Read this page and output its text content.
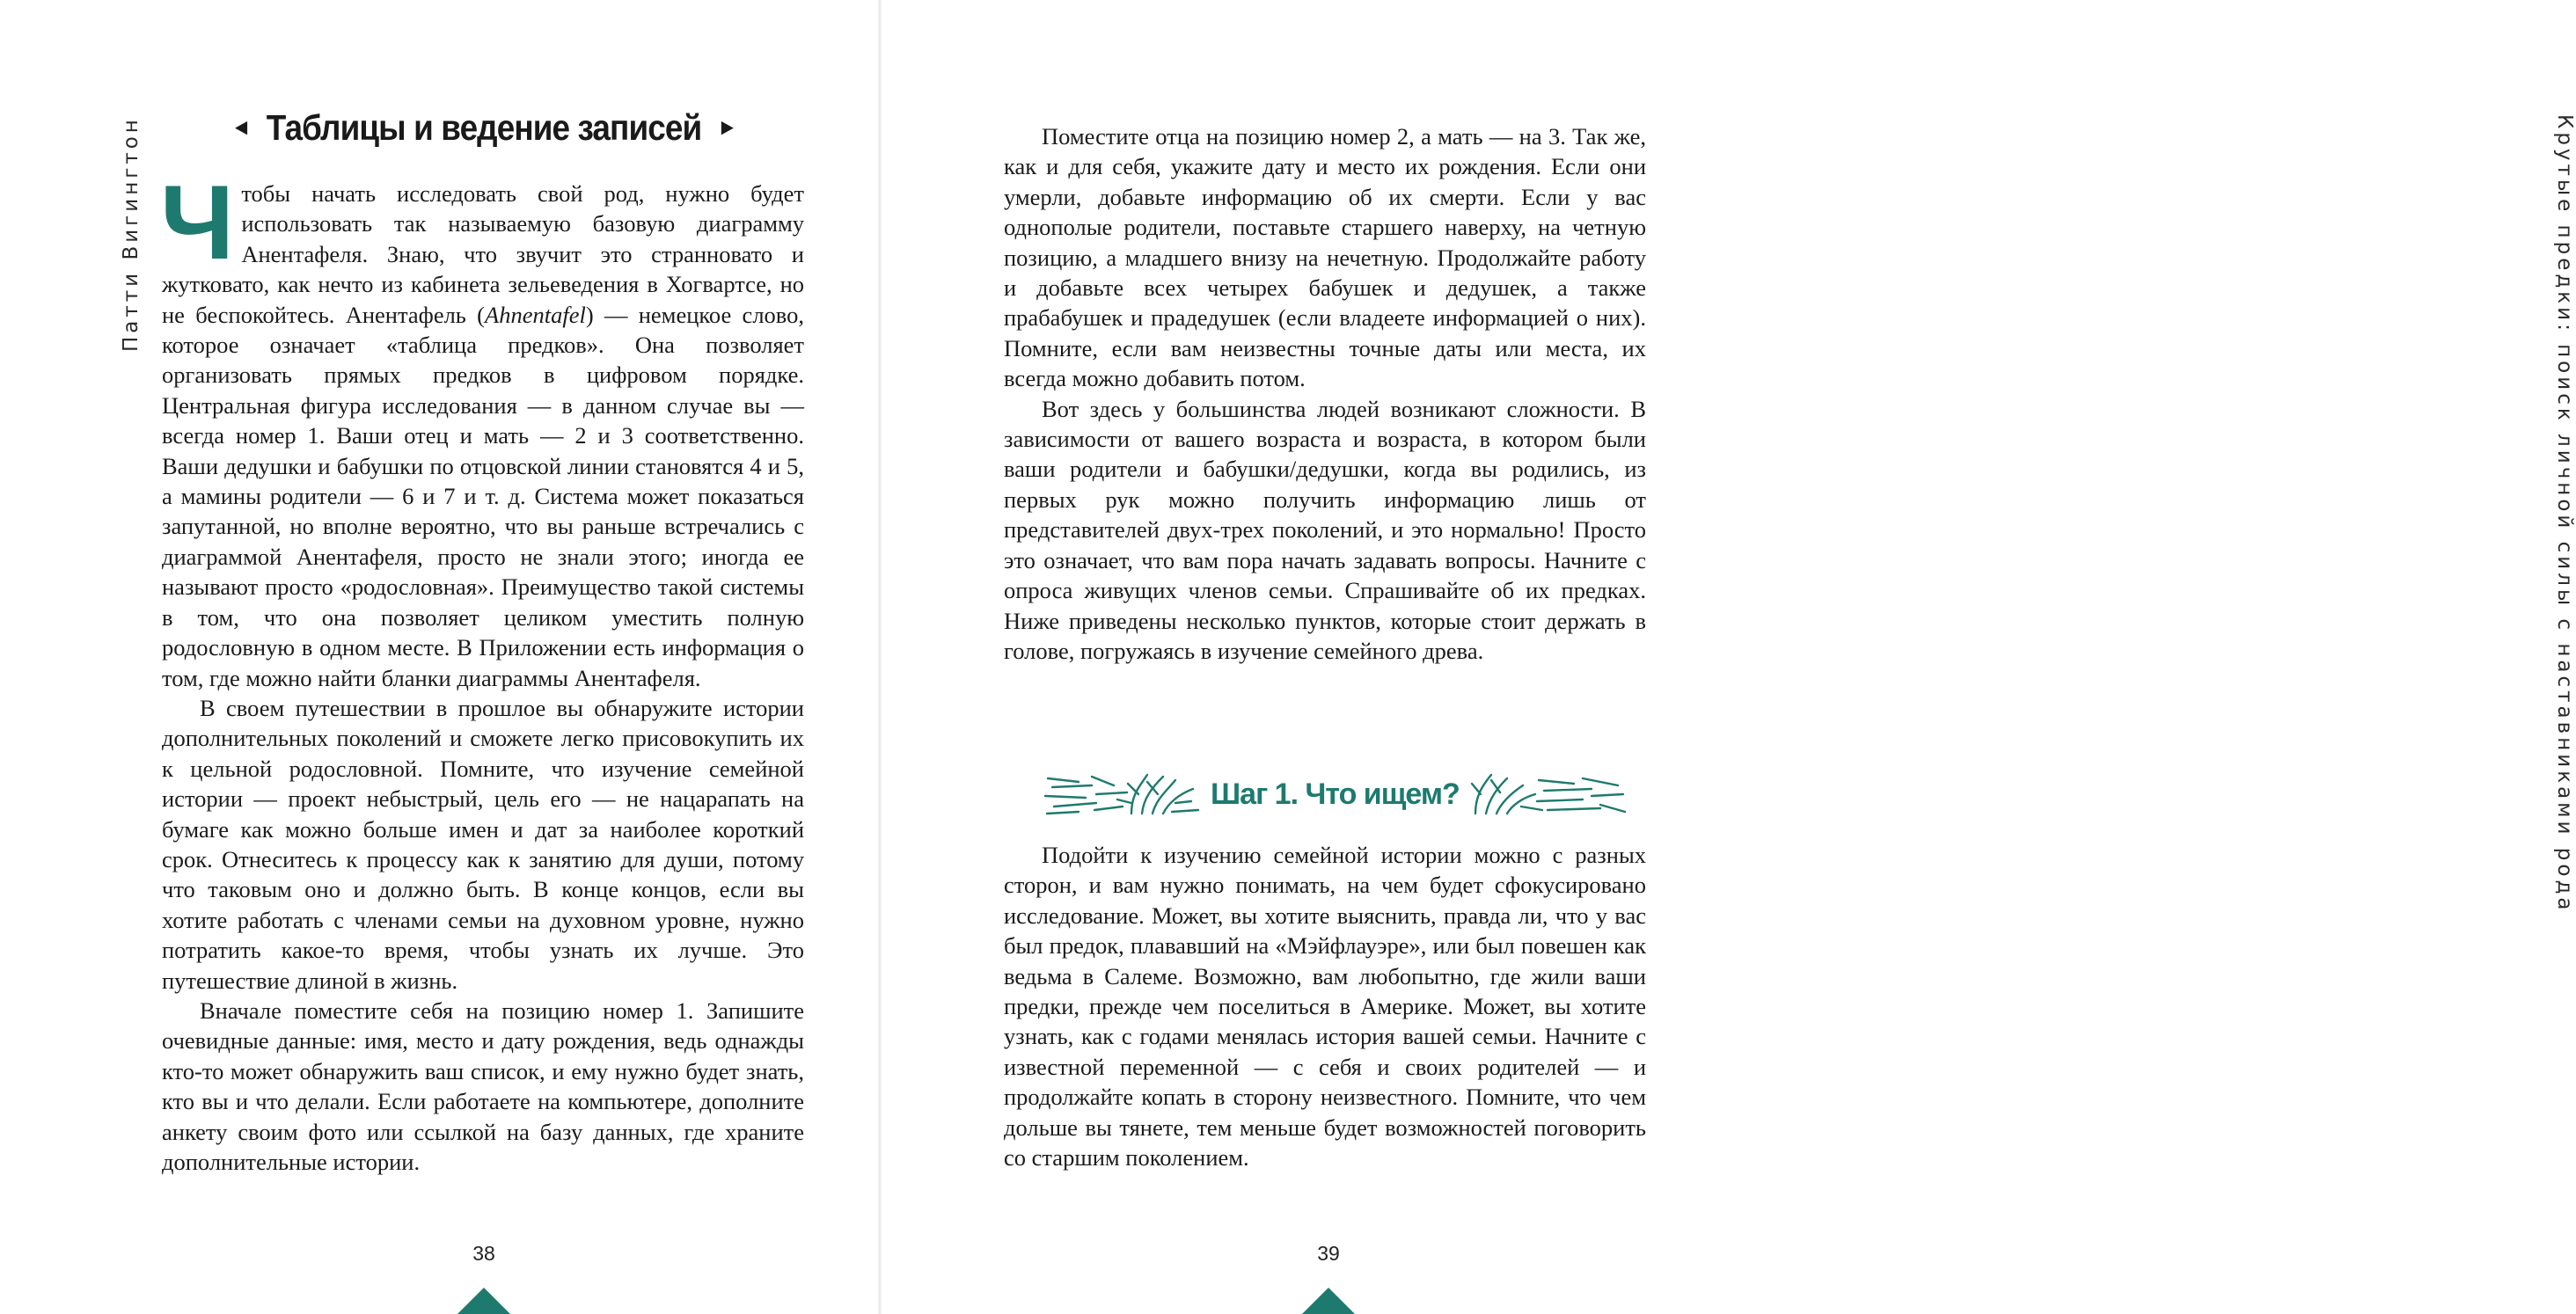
Патти Вигингтон	◄ Таблицы и ведение записей ►

Чтобы начать исследовать свой род, нужно будет использовать так называемую базовую диаграмму Анентафеля. Знаю, что звучит это странновато и жутковато, как нечто из кабинета зельеведения в Хогвартсе, но не беспокойтесь. Анентафель (Ahnentafel) — немецкое слово, которое означает «таблица предков». Она позволяет организовать прямых предков в цифровом порядке. Центральная фигура исследования — в данном случае вы — всегда номер 1. Ваши отец и мать — 2 и 3 соответственно. Ваши дедушки и бабушки по отцовской линии становятся 4 и 5, а мамины родители — 6 и 7 и т. д. Система может показаться запутанной, но вполне вероятно, что вы раньше встречались с диаграммой Анентафеля, просто не знали этого; иногда ее называют просто «родословная». Преимущество такой системы в том, что она позволяет целиком уместить полную родословную в одном месте. В Приложении есть информация о том, где можно найти бланки диаграммы Анентафеля.

В своем путешествии в прошлое вы обнаружите истории дополнительных поколений и сможете легко присовокупить их к цельной родословной. Помните, что изучение семейной истории — проект небыстрый, цель его — не нацарапать на бумаге как можно больше имен и дат за наиболее короткий срок. Отнеситесь к процессу как к занятию для души, потому что таковым оно и должно быть. В конце концов, если вы хотите работать с членами семьи на духовном уровне, нужно потратить какое-то время, чтобы узнать их лучше. Это путешествие длиной в жизнь.

Вначале поместите себя на позицию номер 1. Запишите очевидные данные: имя, место и дату рождения, ведь однажды кто-то может обнаружить ваш список, и ему нужно будет знать, кто вы и что делали. Если работаете на компьютере, дополните анкету своим фото или ссылкой на базу данных, где храните дополнительные истории.

38
Крутые предки: поиск личной силы с наставниками рода

Поместите отца на позицию номер 2, а мать — на 3. Так же, как и для себя, укажите дату и место их рождения. Если они умерли, добавьте информацию об их смерти. Если у вас однополые родители, поставьте старшего наверху, на четную позицию, а младшего внизу на нечетную. Продолжайте работу и добавьте всех четырех бабушек и дедушек, а также прабабушек и прадедушек (если владеете информацией о них). Помните, если вам неизвестны точные даты или места, их всегда можно добавить потом.

Вот здесь у большинства людей возникают сложности. В зависимости от вашего возраста и возраста, в котором были ваши родители и бабушки/дедушки, когда вы родились, из первых рук можно получить информацию лишь от представителей двух-трех поколений, и это нормально! Просто это означает, что вам пора начать задавать вопросы. Начните с опроса живущих членов семьи. Спрашивайте об их предках. Ниже приведены несколько пунктов, которые стоит держать в голове, погружаясь в изучение семейного древа.

Шаг 1. Что ищем?

Подойти к изучению семейной истории можно с разных сторон, и вам нужно понимать, на чем будет сфокусировано исследование. Может, вы хотите выяснить, правда ли, что у вас был предок, плававший на «Мэйфлауэре», или был повешен как ведьма в Салеме. Возможно, вам любопытно, где жили ваши предки, прежде чем поселиться в Америке. Может, вы хотите узнать, как с годами менялась история вашей семьи. Начните с известной переменной — с себя и своих родителей — и продолжайте копать в сторону неизвестного. Помните, что чем дольше вы тянете, тем меньше будет возможностей поговорить со старшим поколением.

39
